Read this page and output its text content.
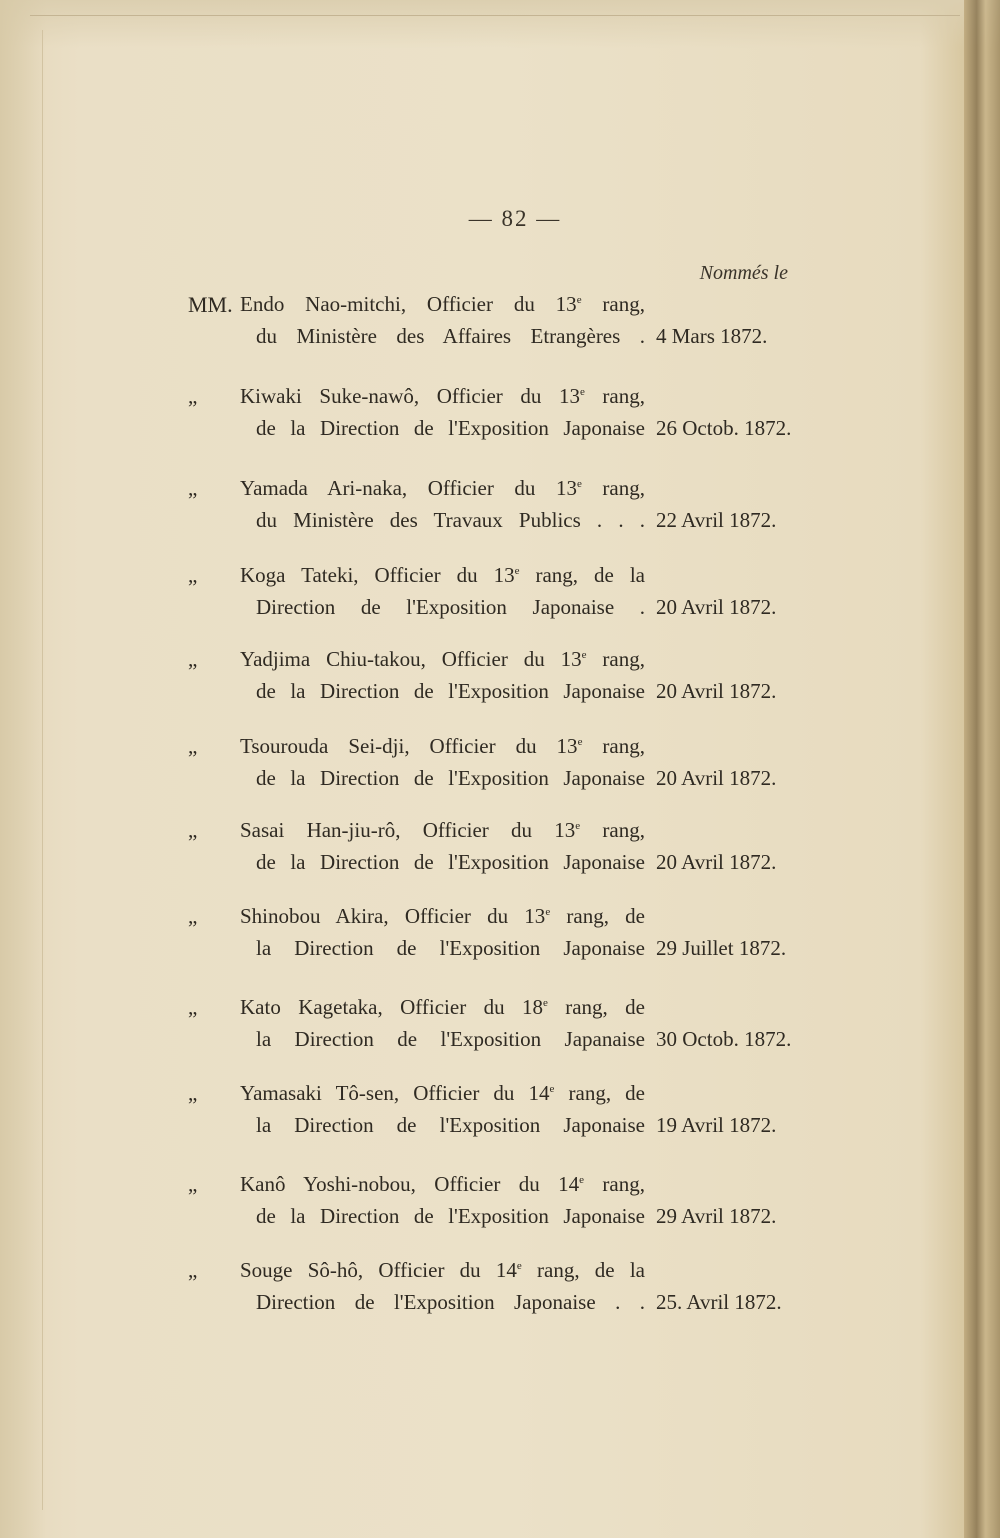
— 82 —
Nommés le
MM. Endo Nao-mitchi, Officier du 13e rang,
du Ministère des Affaires Etrangères . 4 Mars 1872.
„	Kiwaki Suke-nawô, Officier du 13e rang,
de la Direction de l'Exposition Japonaise 26 Octob. 1872.
„	Yamada Ari-naka, Officier du 13e rang,
du Ministère des Travaux Publics . . . 22 Avril 1872.
„	Koga Tateki, Officier du 13e rang, de la
Direction de l'Exposition Japonaise . 20 Avril 1872.
„	Yadjima Chiu-takou, Officier du 13e rang,
de la Direction de l'Exposition Japonaise 20 Avril 1872.
„	Tsourouda Sei-dji, Officier du 13e rang,
de la Direction de l'Exposition Japonaise 20 Avril 1872.
„	Sasai Han-jiu-rô, Officier du 13e rang,
de la Direction de l'Exposition Japonaise 20 Avril 1872.
„	Shinobou Akira, Officier du 13e rang, de
la Direction de l'Exposition Japonaise 29 Juillet 1872.
„	Kato Kagetaka, Officier du 18e rang, de
la Direction de l'Exposition Japanaise 30 Octob. 1872.
„	Yamasaki Tô-sen, Officier du 14e rang, de
la Direction de l'Exposition Japonaise 19 Avril 1872.
„	Kanô Yoshi-nobou, Officier du 14e rang,
de la Direction de l'Exposition Japonaise 29 Avril 1872.
„	Souge Sô-hô, Officier du 14e rang, de la
Direction de l'Exposition Japonaise . . 25. Avril 1872.
